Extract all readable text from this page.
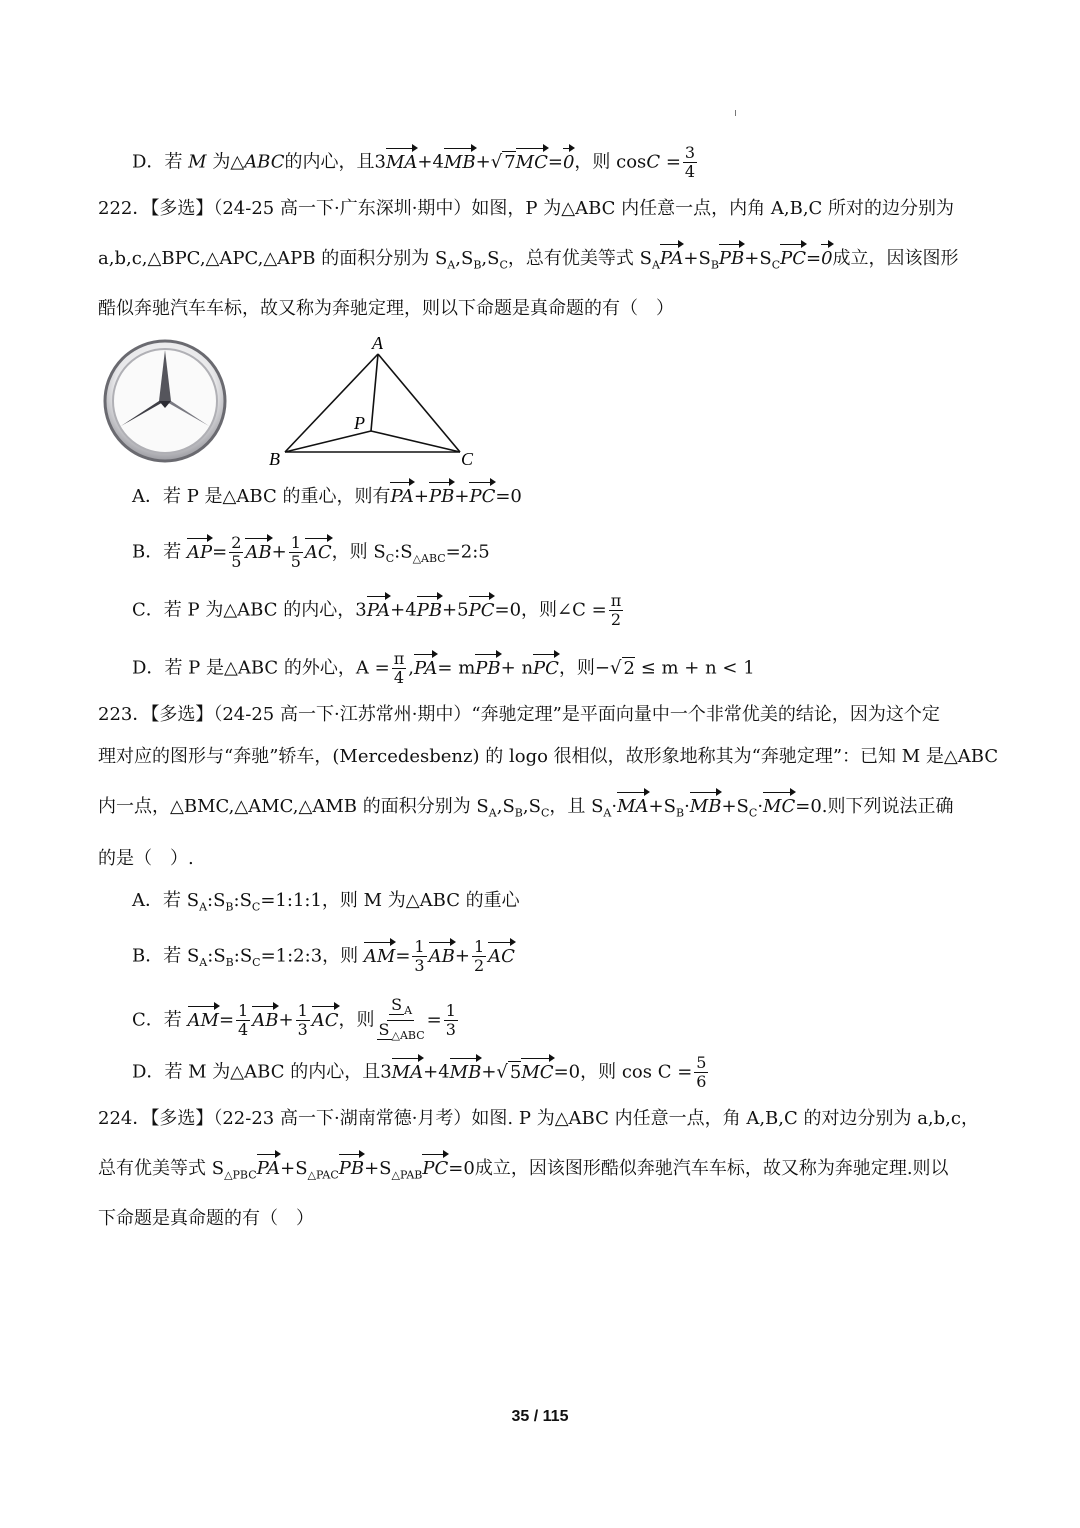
D．若 M 为△ABC的内心，且3MA+4MB+√ 7MC=0，则 $\cos C = \frac{3}{4}$
222．【多选】（24-25 高一下·广东深圳·期中）如图，P 为△ABC 内任意一点，内角 A,B,C 所对的边分别为
a,b,c,△BPC,△APC,△APB 的面积分别为 $S_A,S_B,S_C$，总有优美等式 $S_APA+S_BPB+S_CPC=0$成立，因该图形
酷似奔驰汽车车标，故又称为奔驰定理，则以下命题是真命题的有（　）
A
B	C
P
A．若 P 是△ABC 的重心，则有PA+PB+PC=0
B．若 $AP= \frac{2}{5} AB+ \frac{1}{5}$ AC，则 $S_C:S_{\triangle ABC}=2:5$
C．若 P 为△ABC 的内心，3PA+4PB+5PC=0，则∠C = $\frac{\pi}{2}$
D．若 P 是△ABC 的外心，$A = \frac{\pi}{4} ,PA= mPB+$ nPC，则−√ 2 ≤ m + n < 1
223．【多选】（24-25 高一下·江苏常州·期中）“奔驰定理”是平面向量中一个非常优美的结论，因为这个定
理对应的图形与“奔驰”轿车，(Mercedesbenz) 的 logo 很相似，故形象地称其为“奔驰定理”：已知 M 是△ABC
内一点，△BMC,△AMC,△AMB 的面积分别为 $S_A,S_B,S_C$，且 $S_A\cdot MA+S_B\cdot MB+S_C\cdot MC=0$.则下列说法正确
的是（　）.
A．若 $S_A:S_B:S_C=1:1:1$，则 M 为△ABC 的重心
B．若 $S_A:S_B:S_C=1:2:3$，则 $AM= \frac{1}{3} AB+ \frac{1}{2}$ AC
C．若 $AM= \frac{1}{4} AB+ \frac{1}{3}$ AC，则 $\frac{S _A}{S _{\triangle ABC}} = \frac{1}{3}$
D．若 M 为△ABC 的内心，且3MA+4MB+√ 5MC=0，则 $\cos C = \frac{5}{6}$
224．【多选】（22-23 高一下·湖南常德·月考）如图. P 为△ABC 内任意一点，角 A,B,C 的对边分别为 a,b,c，
总有优美等式 $S_{\triangle PBC}PA+S_{\triangle PAC}PB+S_{\triangle PAB}PC=0$成立，因该图形酷似奔驰汽车车标，故又称为奔驰定理.则以
下命题是真命题的有（　）
35 / 115
